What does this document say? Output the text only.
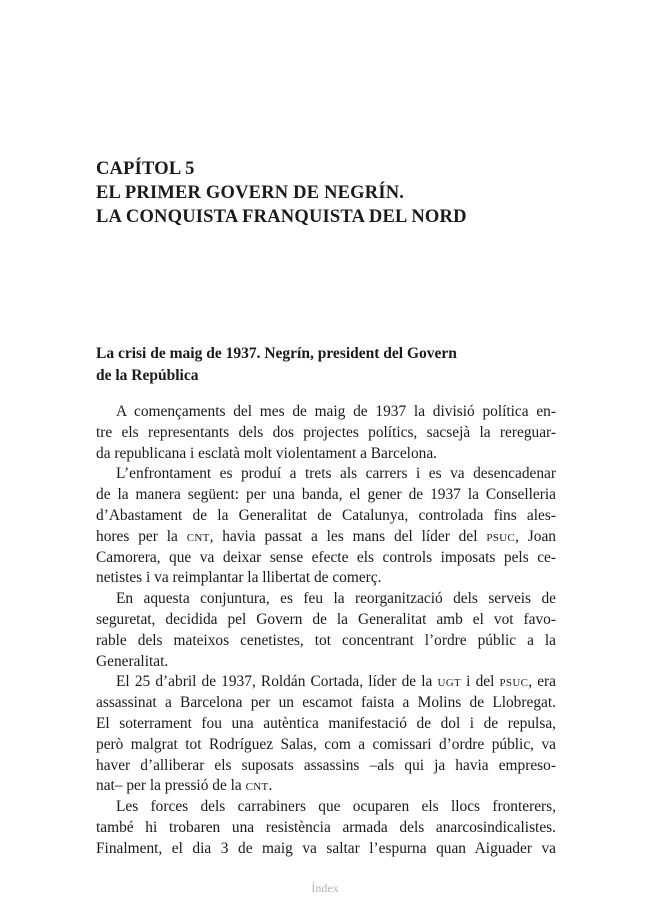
CAPÍTOL 5
EL PRIMER GOVERN DE NEGRÍN.
LA CONQUISTA FRANQUISTA DEL NORD
La crisi de maig de 1937. Negrín, president del Govern
de la República
A començaments del mes de maig de 1937 la divisió política en-
tre els representants dels dos projectes polítics, sacsejà la rereguar-
da republicana i esclatà molt violentament a Barcelona.
L’enfrontament es produí a trets als carrers i es va desencadenar
de la manera següent: per una banda, el gener de 1937 la Conselleria
d’Abastament de la Generalitat de Catalunya, controlada fins ales-
hores per la cnt, havia passat a les mans del líder del psuc, Joan
Camorera, que va deixar sense efecte els controls imposats pels ce-
netistes i va reimplantar la llibertat de comerç.
En aquesta conjuntura, es feu la reorganització dels serveis de
seguretat, decidida pel Govern de la Generalitat amb el vot favo-
rable dels mateixos cenetistes, tot concentrant l’ordre públic a la
Generalitat.
El 25 d’abril de 1937, Roldán Cortada, líder de la ugt i del psuc, era
assassinat a Barcelona per un escamot faista a Molins de Llobregat.
El soterrament fou una autèntica manifestació de dol i de repulsa,
però malgrat tot Rodríguez Salas, com a comissari d’ordre públic, va
haver d’alliberar els suposats assassins –als qui ja havia empreso-
nat– per la pressió de la cnt.
Les forces dels carrabiners que ocuparen els llocs fronterers,
també hi trobaren una resistència armada dels anarcosindicalistes.
Finalment, el dia 3 de maig va saltar l’espurna quan Aiguader va
Índex
